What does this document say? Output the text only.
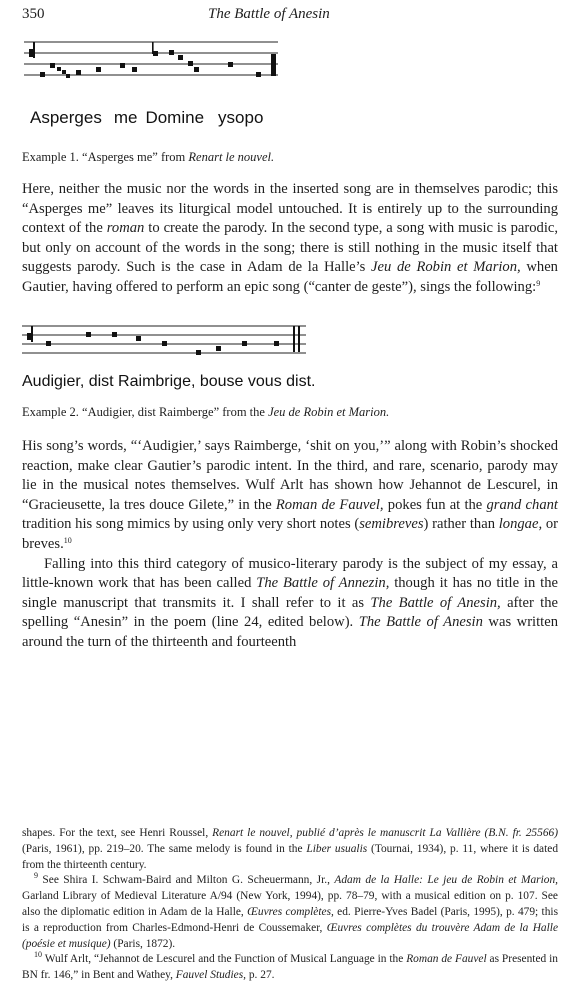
350	The Battle of Anesin
Asperges me Domine ysopo
Example 1. “Asperges me” from Renart le nouvel.

Here, neither the music nor the words in the inserted song are in themselves parodic; this “Asperges me” leaves its liturgical model untouched. It is entirely up to the surrounding context of the roman to create the parody. In the second type, a song with music is parodic, but only on account of the words in the song; there is still nothing in the music itself that suggests parody. Such is the case in Adam de la Halle’s Jeu de Robin et Marion, when Gautier, having offered to perform an epic song (“canter de geste”), sings the following:$^9$

Audigier, dist Raimbrige, bouse vous dist.
Example 2. “Audigier, dist Raimberge” from the Jeu de Robin et Marion.

His song’s words, “‘Audigier,’ says Raimberge, ‘shit on you,’” along with Robin’s shocked reaction, make clear Gautier’s parodic intent. In the third, and rare, scenario, parody may lie in the musical notes themselves. Wulf Arlt has shown how Jehannot de Lescurel, in “Gracieusette, la tres douce Gilete,” in the Roman de Fauvel, pokes fun at the grand chant tradition his song mimics by using only very short notes (semibreves) rather than longae, or breves.$^{10}$

Falling into this third category of musico-literary parody is the subject of my essay, a little-known work that has been called The Battle of Annezin, though it has no title in the single manuscript that transmits it. I shall refer to it as The Battle of Anesin, after the spelling “Anesin” in the poem (line 24, edited below). The Battle of Anesin was written around the turn of the thirteenth and fourteenth

shapes. For the text, see Henri Roussel, Renart le nouvel, publié d’après le manuscrit La Vallière (B.N. fr. 25566) (Paris, 1961), pp. 219–20. The same melody is found in the Liber usualis (Tournai, 1934), p. 11, where it is dated from the thirteenth century.

$^9$ See Shira I. Schwam-Baird and Milton G. Scheuermann, Jr., Adam de la Halle: Le jeu de Robin et Marion, Garland Library of Medieval Literature A/94 (New York, 1994), pp. 78–79, with a musical edition on p. 107. See also the diplomatic edition in Adam de la Halle, Œuvres complètes, ed. Pierre-Yves Badel (Paris, 1995), p. 479; this is a reproduction from Charles-Edmond-Henri de Coussemaker, Œuvres complètes du trouvère Adam de la Halle (poésie et musique) (Paris, 1872).

$^{10}$ Wulf Arlt, “Jehannot de Lescurel and the Function of Musical Language in the Roman de Fauvel as Presented in BN fr. 146,” in Bent and Wathey, Fauvel Studies, p. 27.
